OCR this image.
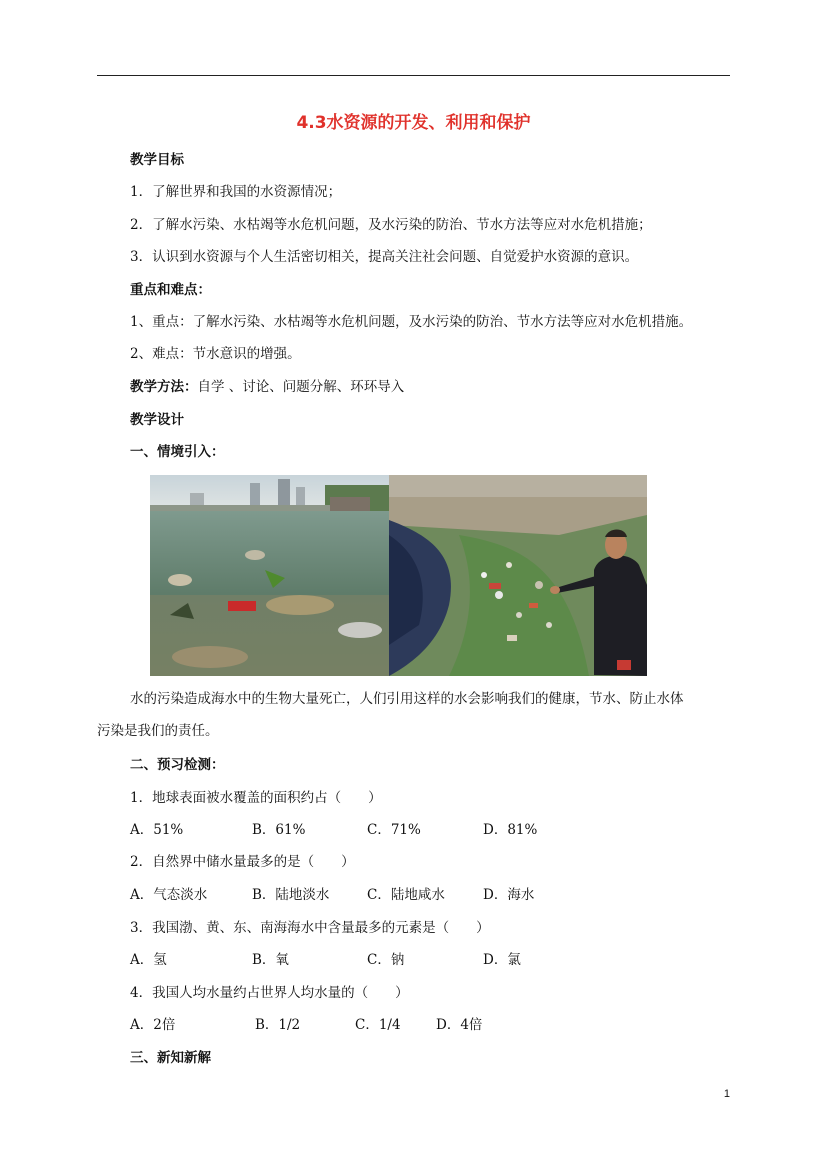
4.3水资源的开发、利用和保护
教学目标
1．了解世界和我国的水资源情况；
2．了解水污染、水枯竭等水危机问题，及水污染的防治、节水方法等应对水危机措施；
3．认识到水资源与个人生活密切相关，提高关注社会问题、自觉爱护水资源的意识。
重点和难点：
1、重点：了解水污染、水枯竭等水危机问题，及水污染的防治、节水方法等应对水危机措施。
2、难点：节水意识的增强。
教学方法：自学 、讨论、问题分解、环环导入
教学设计
一、情境引入：
水的污染造成海水中的生物大量死亡，人们引用这样的水会影响我们的健康，节水、防止水体
污染是我们的责任。
二、预习检测：
1．地球表面被水覆盖的面积约占（　　）
A．51%	B．61%	C．71%	D．81%
2．自然界中储水量最多的是（　　）
A．气态淡水	B．陆地淡水	C．陆地咸水	D．海水
3．我国渤、黄、东、南海海水中含量最多的元素是（　　）
A．氢	B．氧	C．钠	D．氯
4．我国人均水量约占世界人均水量的（　　）
A．2倍	B．1/2	C．1/4	D．4倍
三、新知新解
1
